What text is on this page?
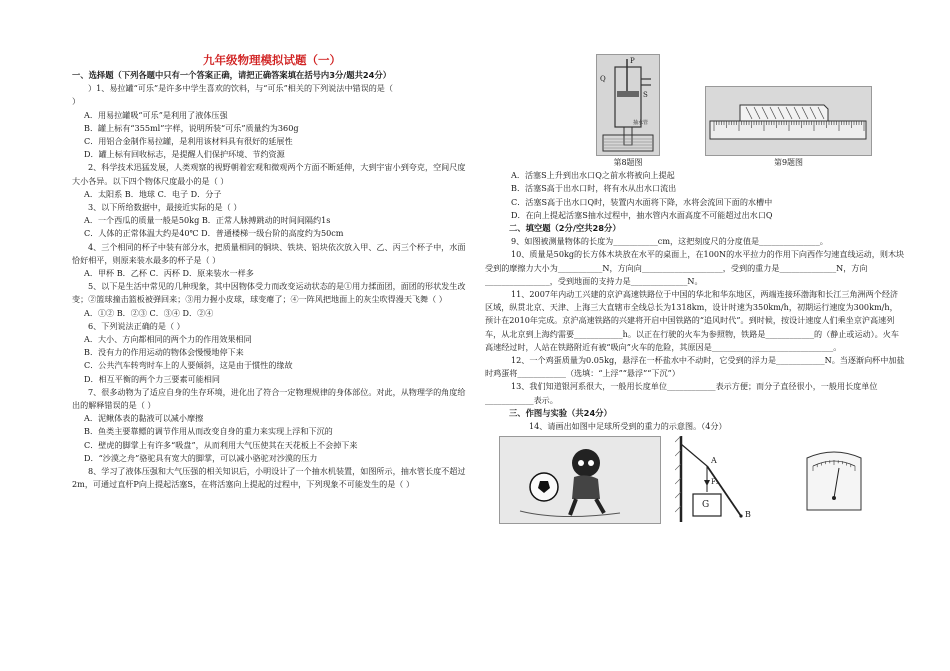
九年级物理模拟试题（一）

一、选择题（下列各题中只有一个答案正确，请把正确答案填在括号内3分/题共24分）

）1、易拉罐“可乐”是许多中学生喜欢的饮料，与“可乐”相关的下列说法中错误的是（

）

A．用易拉罐吸“可乐”是利用了液体压强

B．罐上标有“355ml”字样，说明所装“可乐”质量约为360g

C．用铝合金制作易拉罐，是利用该材料具有很好的延展性

D．罐上标有回收标志，是提醒人们保护环境、节约资源

2、科学技术迅猛发展，人类观察的视野朝着宏观和微观两个方面不断延伸，大到宇宙小到夸克，空间尺度大小各异。以下四个物体尺度最小的是（ ）

A．太阳系 B．地球 C．电子 D．分子

3、以下所给数据中，最接近实际的是（ ）

A．一个西瓜的质量一般是50kg B．正常人脉搏跳动的时间间隔约1s

C．人体的正常体温大约是40℃ D．普通楼梯一级台阶的高度约为50cm

4、三个相同的杯子中装有部分水，把质量相同的铜块、铁块、铝块依次放入甲、乙、丙三个杯子中，水面恰好相平，则原来装水最多的杯子是（ ）

A．甲杯 B．乙杯 C．丙杯 D．原来装水一样多

5、以下是生活中常见的几种现象，其中因物体受力而改变运动状态的是①用力揉面团，面团的形状发生改变；②篮球撞击篮板被弹回来；③用力握小皮球，球变瘪了；④一阵风把地面上的灰尘吹得漫天飞舞（ ）

A．①② B．②③ C．③④ D．②④

6、下列说法正确的是（ ）

A．大小、方向都相同的两个力的作用效果相同

B．没有力的作用运动的物体会慢慢地停下来

C．公共汽车转弯时车上的人要倾斜，这是由于惯性的缘故

D．相互平衡的两个力三要素可能相同

7、很多动物为了适应自身的生存环境，进化出了符合一定物理规律的身体部位。对此，从物理学的角度给出的解释错误的是（ ）

A．泥鳅体表的黏液可以减小摩擦

B．鱼类主要靠鳔的调节作用从而改变自身的重力来实现上浮和下沉的

C．壁虎的脚掌上有许多“吸盘”，从而利用大气压使其在天花板上不会掉下来

D．“沙漠之舟”骆驼具有宽大的脚掌，可以减小骆驼对沙漠的压力

8、学习了液体压强和大气压强的相关知识后，小明设计了一个抽水机装置，如图所示，抽水管长度不超过2m，可通过直杆P向上提起活塞S，在将活塞向上提起的过程中，下列现象不可能发生的是（ ）

P
Q
S
抽水管
第8题图	第9题图

A．活塞S上升到出水口Q之前水将被向上提起

B．活塞S高于出水口时，将有水从出水口流出

C．活塞S高于出水口Q时，装置内水面将下降，水将会流回下面的水槽中

D．在向上提起活塞S抽水过程中，抽水管内水面高度不可能超过出水口Q

二、填空题（2分/空共28分）

9、如图被测量物体的长度为___________cm，这把刻度尺的分度值是_______________。

10、质量是50kg的长方体木块放在水平的桌面上，在100N的水平拉力的作用下向西作匀速直线运动，则木块受到的摩擦力大小为___________N，方向向____________________，受到的重力是______________N，方向________________，受到地面的支持力是______________N。

11、2007年内动工兴建的京沪高速铁路位于中国的华北和华东地区，两端连接环渤海和长江三角洲两个经济区域，纵贯北京、天津、上海三大直辖市全线总长为1318km，设计时速为350km/h，初期运行速度为300km/h，预计在2010年完成。京沪高速铁路的兴建将开启中国铁路的“追风时代”。到时候，按设计速度人们乘坐京沪高速列车，从北京到上海约需要____________h。以正在行驶的火车为参照物，铁路是____________的（静止或运动）。火车高速经过时，人站在铁路附近有被“吸向”火车的危险，其原因是______________________________。

12、一个鸡蛋质量为0.05kg，悬浮在一杯盐水中不动时，它受到的浮力是____________N。当逐渐向杯中加盐时鸡蛋将____________（选填：“上浮”“悬浮”“下沉”）

13、我们知道银河系很大，一般用长度单位____________表示方便；而分子直径很小，一般用长度单位____________表示。

三、作图与实验（共24分）

14、请画出如图中足球所受到的重力的示意图。（4分）

A
F₂
G
B
